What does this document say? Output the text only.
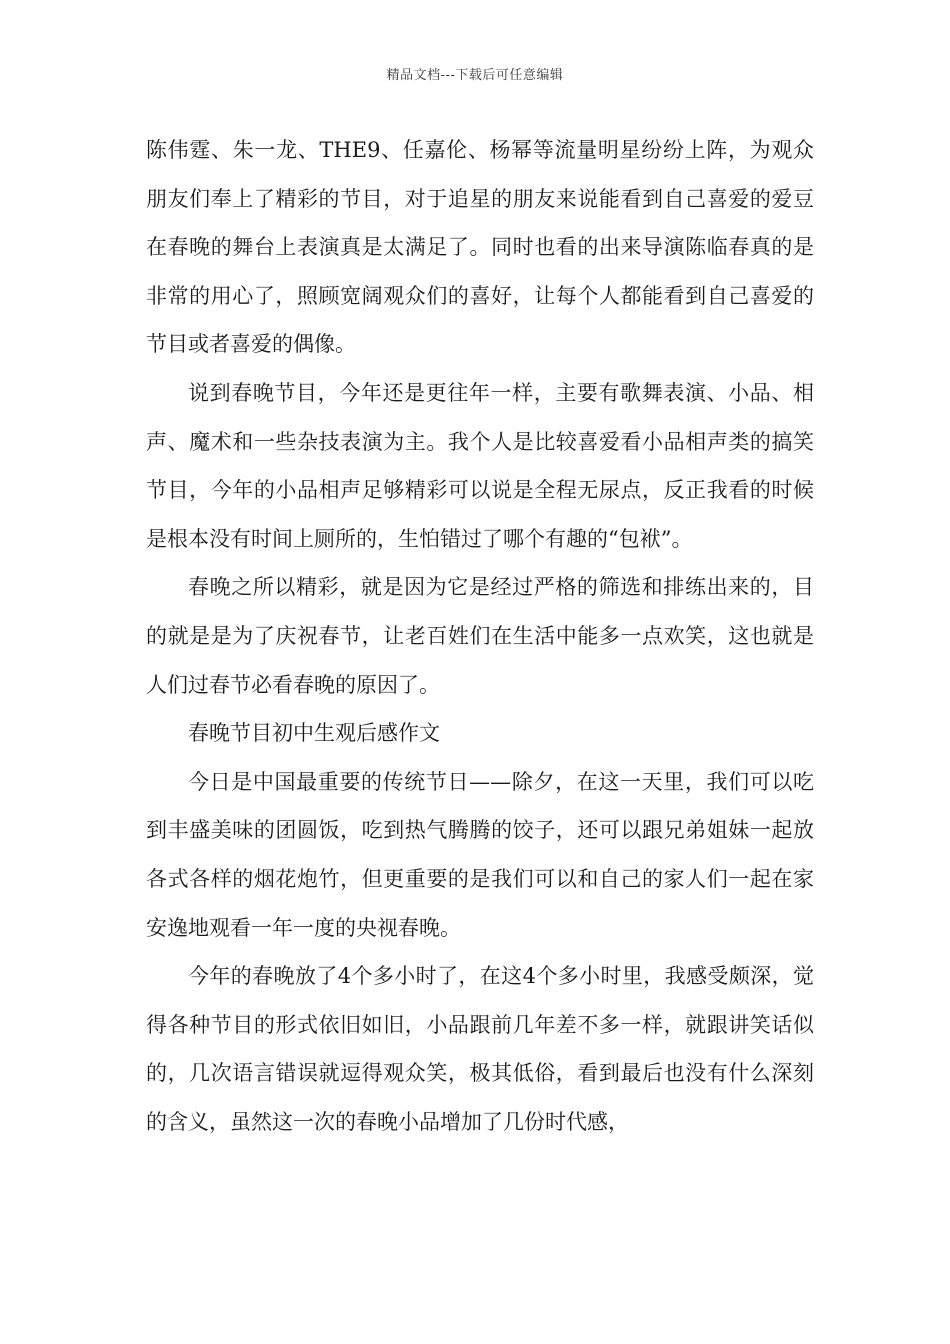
精品文档---下载后可任意编辑

陈伟霆、朱一龙、THE9、任嘉伦、杨幂等流量明星纷纷上阵，为观众朋友们奉上了精彩的节目，对于追星的朋友来说能看到自己喜爱的爱豆在春晚的舞台上表演真是太满足了。同时也看的出来导演陈临春真的是非常的用心了，照顾宽阔观众们的喜好，让每个人都能看到自己喜爱的节目或者喜爱的偶像。

说到春晚节目，今年还是更往年一样，主要有歌舞表演、小品、相声、魔术和一些杂技表演为主。我个人是比较喜爱看小品相声类的搞笑节目，今年的小品相声足够精彩可以说是全程无尿点，反正我看的时候是根本没有时间上厕所的，生怕错过了哪个有趣的“包袱”。

春晚之所以精彩，就是因为它是经过严格的筛选和排练出来的，目的就是是为了庆祝春节，让老百姓们在生活中能多一点欢笑，这也就是人们过春节必看春晚的原因了。

春晚节目初中生观后感作文

今日是中国最重要的传统节日——除夕，在这一天里，我们可以吃到丰盛美味的团圆饭，吃到热气腾腾的饺子，还可以跟兄弟姐妹一起放各式各样的烟花炮竹，但更重要的是我们可以和自己的家人们一起在家安逸地观看一年一度的央视春晚。

今年的春晚放了4个多小时了，在这4个多小时里，我感受颇深，觉得各种节目的形式依旧如旧，小品跟前几年差不多一样，就跟讲笑话似的，几次语言错误就逗得观众笑，极其低俗，看到最后也没有什么深刻的含义，虽然这一次的春晚小品增加了几份时代感，
